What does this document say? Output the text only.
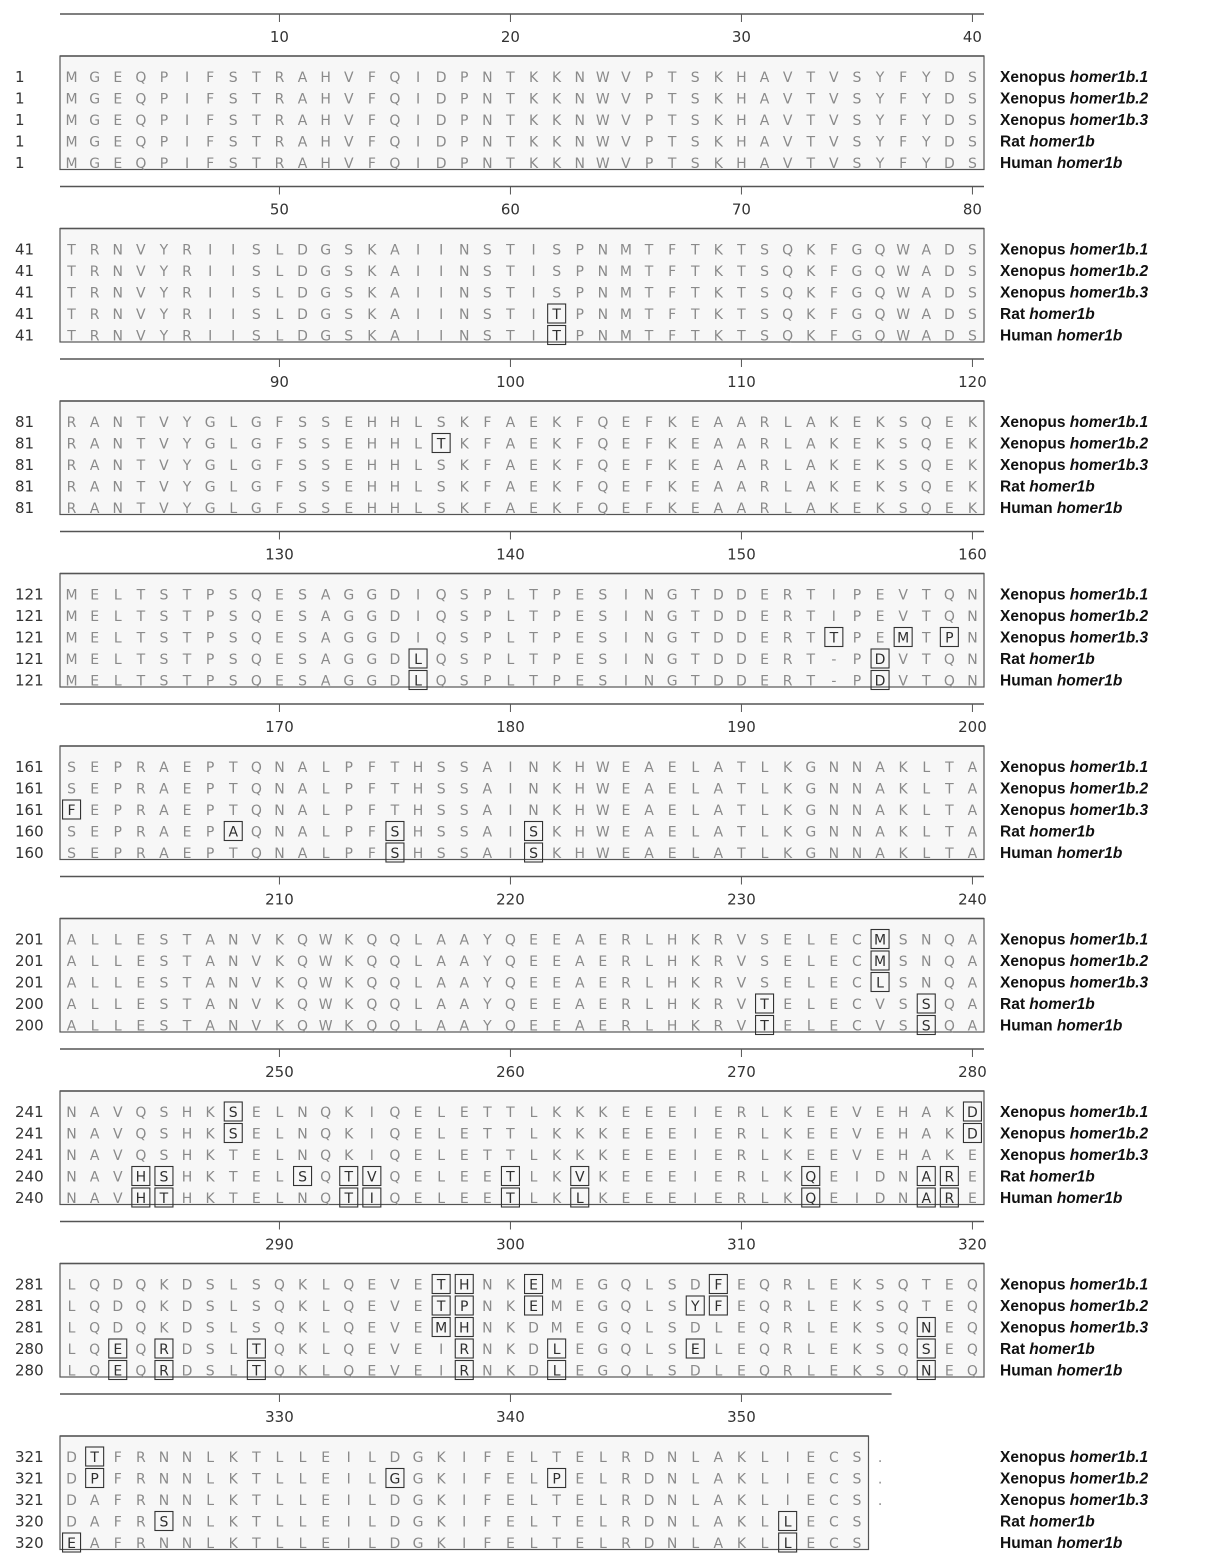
10	20	30	40
1	M G E Q P I F S T R A H V F Q I D P N T K K N W V P T S K H A V T V S Y F Y D S Xenopus homer1b.1
1	M G E Q P I F S T R A H V F Q I D P N T K K N W V P T S K H A V T V S Y F Y D S Xenopus homer1b.2
1	M G E Q P I F S T R A H V F Q I D P N T K K N W V P T S K H A V T V S Y F Y D S Xenopus homer1b.3
1	M G E Q P I F S T R A H V F Q I D P N T K K N W V P T S K H A V T V S Y F Y D S Rat homer1b
1	M G E Q P I F S T R A H V F Q I D P N T K K N W V P T S K H A V T V S Y F Y D S Human homer1b
50	60	70	80
41 T R N V Y R I I S L D G S K A I I N S T I S P N M T F T K T S Q K F G Q W A D S Xenopus homer1b.1
41 T R N V Y R I I S L D G S K A I I N S T I S P N M T F T K T S Q K F G Q W A D S Xenopus homer1b.2
41 T R N V Y R I I S L D G S K A I I N S T I S P N M T F T K T S Q K F G Q W A D S Xenopus homer1b.3
41 T R N V Y R I I S L D G S K A I I N S T I T P N M T F T K T S Q K F G Q W A D S Rat homer1b
41 T R N V Y R I I S L D G S K A I I N S T I T P N M T F T K T S Q K F G Q W A D S Human homer1b
90	100	110	120
81 R A N T V Y G L G F S S E H H L S K F A E K F Q E F K E A A R L A K E K S Q E K Xenopus homer1b.1
81 R A N T V Y G L G F S S E H H L T K F A E K F Q E F K E A A R L A K E K S Q E K Xenopus homer1b.2
81 R A N T V Y G L G F S S E H H L S K F A E K F Q E F K E A A R L A K E K S Q E K Xenopus homer1b.3
81 R A N T V Y G L G F S S E H H L S K F A E K F Q E F K E A A R L A K E K S Q E K Rat homer1b
81 R A N T V Y G L G F S S E H H L S K F A E K F Q E F K E A A R L A K E K S Q E K Human homer1b
130	140	150	160
121 M E L T S T P S Q E S A G G D I Q S P L T P E S I N G T D D E R T I P E V T Q N Xenopus homer1b.1
121 M E L T S T P S Q E S A G G D I Q S P L T P E S I N G T D D E R T I P E V T Q N Xenopus homer1b.2
121 M E L T S T P S Q E S A G G D I Q S P L T P E S I N G T D D E R T T P E M T P N Xenopus homer1b.3
121 M E L T S T P S Q E S A G G D L Q S P L T P E S I N G T D D E R T - P D V T Q N Rat homer1b
121 M E L T S T P S Q E S A G G D L Q S P L T P E S I N G T D D E R T - P D V T Q N Human homer1b
170	180	190	200
161 S E P R A E P T Q N A L P F T H S S A I N K H W E A E L A T L K G N N A K L T A Xenopus homer1b.1
161 S E P R A E P T Q N A L P F T H S S A I N K H W E A E L A T L K G N N A K L T A Xenopus homer1b.2
161 F E P R A E P T Q N A L P F T H S S A I N K H W E A E L A T L K G N N A K L T A Xenopus homer1b.3
160 S E P R A E P A Q N A L P F S H S S A I S K H W E A E L A T L K G N N A K L T A Rat homer1b
160 S E P R A E P T Q N A L P F S H S S A I S K H W E A E L A T L K G N N A K L T A Human homer1b
210	220	230	240
201 A L L E S T A N V K Q W K Q Q L A A Y Q E E A E R L H K R V S E L E C M S N Q A Xenopus homer1b.1
201 A L L E S T A N V K Q W K Q Q L A A Y Q E E A E R L H K R V S E L E C M S N Q A Xenopus homer1b.2
201 A L L E S T A N V K Q W K Q Q L A A Y Q E E A E R L H K R V S E L E C L S N Q A Xenopus homer1b.3
200 A L L E S T A N V K Q W K Q Q L A A Y Q E E A E R L H K R V T E L E C V S S Q A Rat homer1b
200 A L L E S T A N V K Q W K Q Q L A A Y Q E E A E R L H K R V T E L E C V S S Q A Human homer1b
250	260	270	280
241 N A V Q S H K S E L N Q K I Q E L E T T L K K K E E E I E R L K E E V E H A K D Xenopus homer1b.1
241 N A V Q S H K S E L N Q K I Q E L E T T L K K K E E E I E R L K E E V E H A K D Xenopus homer1b.2
241 N A V Q S H K T E L N Q K I Q E L E T T L K K K E E E I E R L K E E V E H A K E Xenopus homer1b.3
240 N A V H S H K T E L S Q T V Q E L E E T L K V K E E E I E R L K Q E I D N A R E Rat homer1b
240 N A V H T H K T E L N Q T I Q E L E E T L K L K E E E I E R L K Q E I D N A R E Human homer1b
290	300	310	320
281 L Q D Q K D S L S Q K L Q E V E T H N K E M E G Q L S D F E Q R L E K S Q T E Q Xenopus homer1b.1
281 L Q D Q K D S L S Q K L Q E V E T P N K E M E G Q L S Y F E Q R L E K S Q T E Q Xenopus homer1b.2
281 L Q D Q K D S L S Q K L Q E V E M H N K D M E G Q L S D L E Q R L E K S Q N E Q Xenopus homer1b.3
280 L Q E Q R D S L T Q K L Q E V E I R N K D L E G Q L S E L E Q R L E K S Q S E Q Rat homer1b
280 L Q E Q R D S L T Q K L Q E V E I R N K D L E G Q L S D L E Q R L E K S Q N E Q Human homer1b
330	340	350
321 D T F R N N L K T L L E I L D G K I F E L T E L R D N L A K L I E C S .	Xenopus homer1b.1
321 D P F R N N L K T L L E I L G G K I F E L P E L R D N L A K L I E C S .	Xenopus homer1b.2
321 D A F R N N L K T L L E I L D G K I F E L T E L R D N L A K L I E C S .	Xenopus homer1b.3
320 D A F R S N L K T L L E I L D G K I F E L T E L R D N L A K L L E C S	Rat homer1b
320 E A F R N N L K T L L E I L D G K I F E L T E L R D N L A K L L E C S	Human homer1b
